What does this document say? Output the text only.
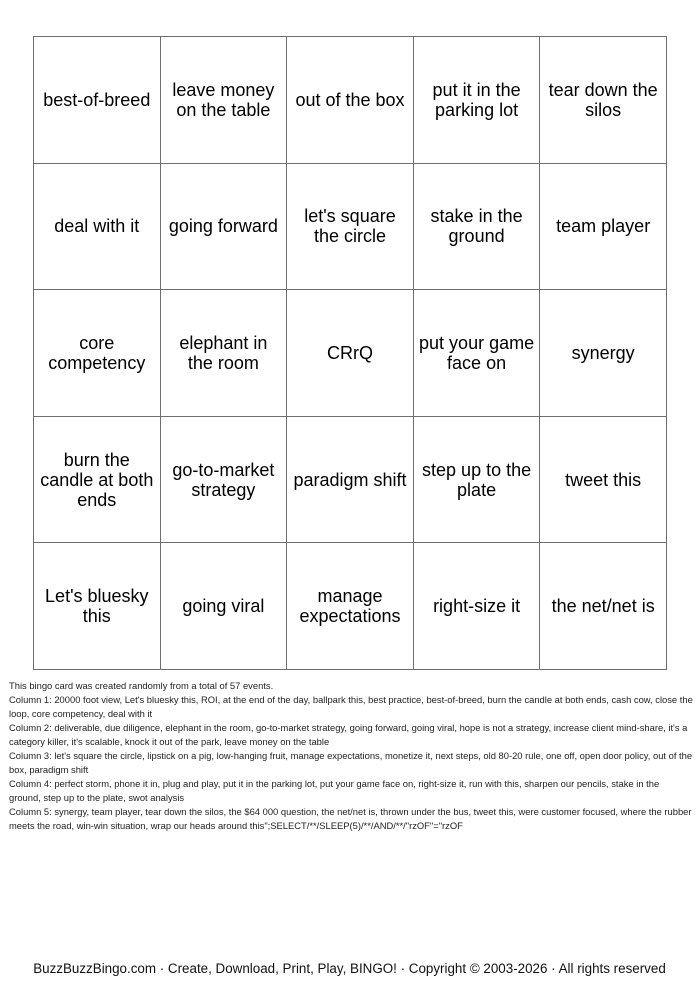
best-of-breed	leave money on the table	out of the box	put it in the parking lot	tear down the silos
deal with it	going forward	let's square the circle	stake in the ground	team player
core competency	elephant in the room	CRrQ	put your game face on	synergy
burn the candle at both ends	go-to-market strategy	paradigm shift	step up to the plate	tweet this
Let's bluesky this	going viral	manage expectations	right-size it	the net/net is
This bingo card was created randomly from a total of 57 events.
Column 1: 20000 foot view, Let's bluesky this, ROI, at the end of the day, ballpark this, best practice, best-of-breed, burn the candle at both ends, cash cow, close the loop, core competency, deal with it
Column 2: deliverable, due diligence, elephant in the room, go-to-market strategy, going forward, going viral, hope is not a strategy, increase client mind-share, it's a category killer, it's scalable, knock it out of the park, leave money on the table
Column 3: let's square the circle, lipstick on a pig, low-hanging fruit, manage expectations, monetize it, next steps, old 80-20 rule, one off, open door policy, out of the box, paradigm shift
Column 4: perfect storm, phone it in, plug and play, put it in the parking lot, put your game face on, right-size it, run with this, sharpen our pencils, stake in the ground, step up to the plate, swot analysis
Column 5: synergy, team player, tear down the silos, the $64 000 question, the net/net is, thrown under the bus, tweet this, were customer focused, where the rubber meets the road, win-win situation, wrap our heads around this";SELECT/**/SLEEP(5)/**/AND/**/"rzOF"="rzOF
BuzzBuzzBingo.com · Create, Download, Print, Play, BINGO! · Copyright © 2003-2026 · All rights reserved
